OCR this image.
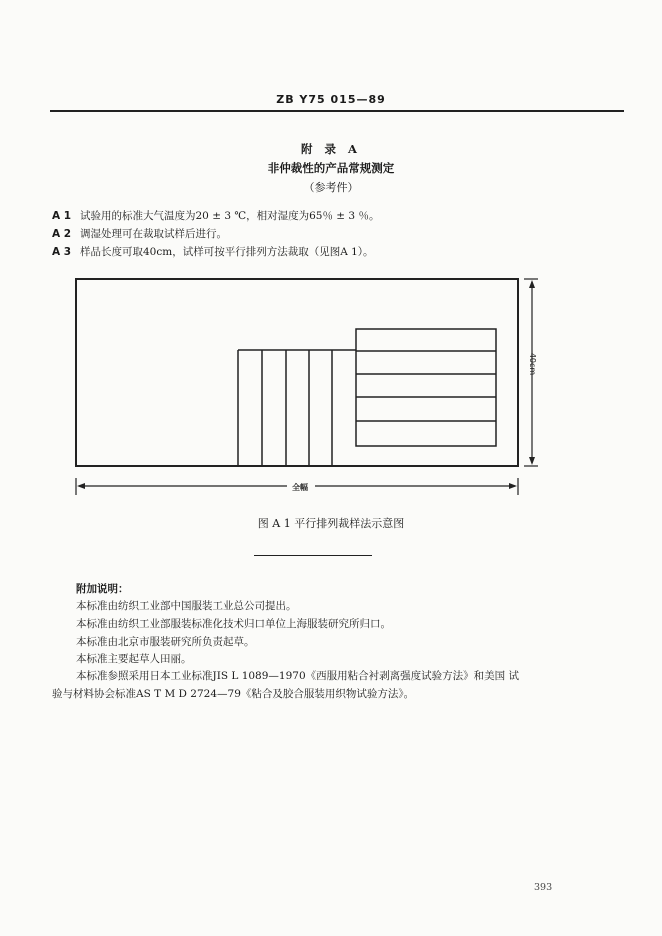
ZB Y75 015—89
附 录 A
非仲裁性的产品常规测定
（参考件）
A 1 试验用的标准大气温度为20 ± 3 ℃，相对湿度为65％ ± 3 ％。
A 2 调湿处理可在裁取试样后进行。
A 3 样品长度可取40cm，试样可按平行排列方法裁取（见图A 1）。
40cm
全幅
图 A 1 平行排列裁样法示意图
附加说明：
本标准由纺织工业部中国服装工业总公司提出。
本标准由纺织工业部服装标准化技术归口单位上海服装研究所归口。
本标准由北京市服装研究所负责起草。
本标准主要起草人田丽。
本标准参照采用日本工业标准JIS L 1089—1970《西服用粘合衬剥离强度试验方法》和美国 试
验与材料协会标准AS T M D 2724—79《粘合及胶合服装用织物试验方法》。
393
